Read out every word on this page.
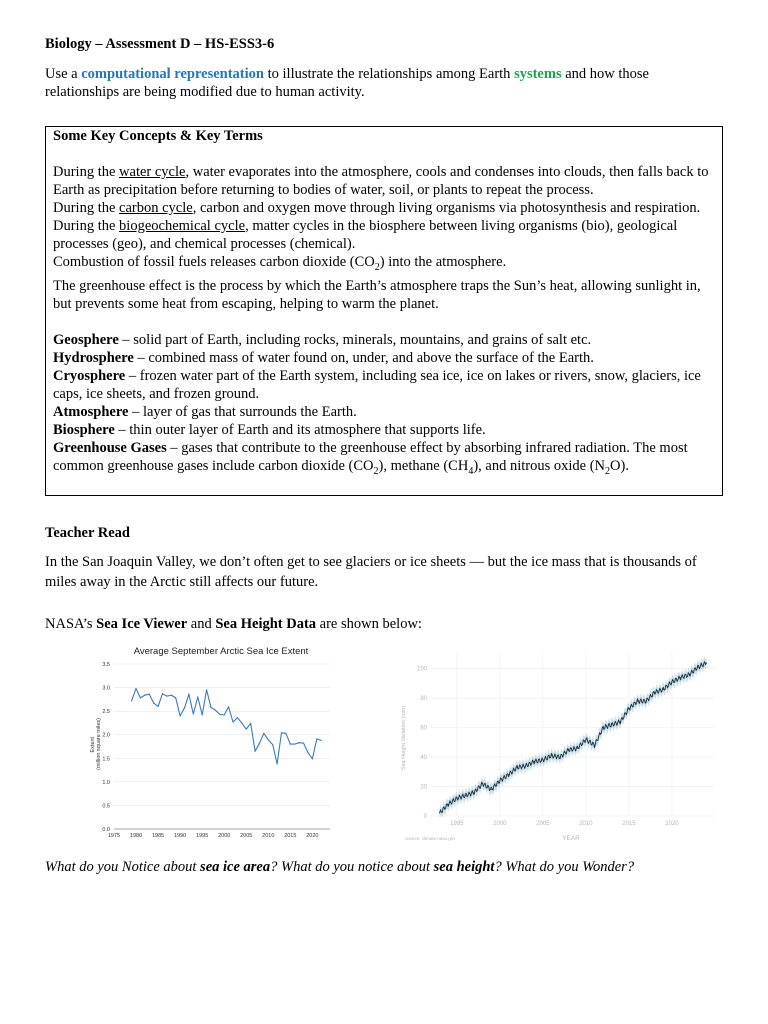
Biology – Assessment D – HS-ESS3-6
Use a computational representation to illustrate the relationships among Earth systems and how those relationships are being modified due to human activity.

Some Key Concepts & Key Terms

During the water cycle, water evaporates into the atmosphere, cools and condenses into clouds, then falls back to Earth as precipitation before returning to bodies of water, soil, or plants to repeat the process.

During the carbon cycle, carbon and oxygen move through living organisms via photosynthesis and respiration.

During the biogeochemical cycle, matter cycles in the biosphere between living organisms (bio), geological processes (geo), and chemical processes (chemical).

Combustion of fossil fuels releases carbon dioxide $(CO_2)$ into the atmosphere.

The greenhouse effect is the process by which the Earth’s atmosphere traps the Sun’s heat, allowing sunlight in, but prevents some heat from escaping, helping to warm the planet.

Geosphere – solid part of Earth, including rocks, minerals, mountains, and grains of salt etc.

Hydrosphere – combined mass of water found on, under, and above the surface of the Earth.

Cryosphere – frozen water part of the Earth system, including sea ice, ice on lakes or rivers, snow, glaciers, ice caps, ice sheets, and frozen ground.

Atmosphere – layer of gas that surrounds the Earth.

Biosphere – thin outer layer of Earth and its atmosphere that supports life.

Greenhouse Gases – gases that contribute to the greenhouse effect by absorbing infrared radiation. The most common greenhouse gases include carbon dioxide $(CO_2)$, methane $(CH_4)$, and nitrous oxide $(N_2O)$.

Teacher Read
In the San Joaquin Valley, we don’t often get to see glaciers or ice sheets — but the ice mass that is thousands of miles away in the Arctic still affects our future.
NASA’s Sea Ice Viewer and Sea Height Data are shown below:
Average September Arctic Sea Ice Extent
0.0
0.5
1.0
1.5
2.0
2.5
3.0
3.5
1975 1980 1985 1990 1995 2000 2005 2010 2015 2020
Extent (million square miles)
0
20
40
60
80
100
1995	2000	2005	2010	2015	2020
Sea Height Variation (mm)
YEAR
Source: climate.nasa.gov
What do you Notice about sea ice area? What do you notice about sea height? What do you Wonder?
